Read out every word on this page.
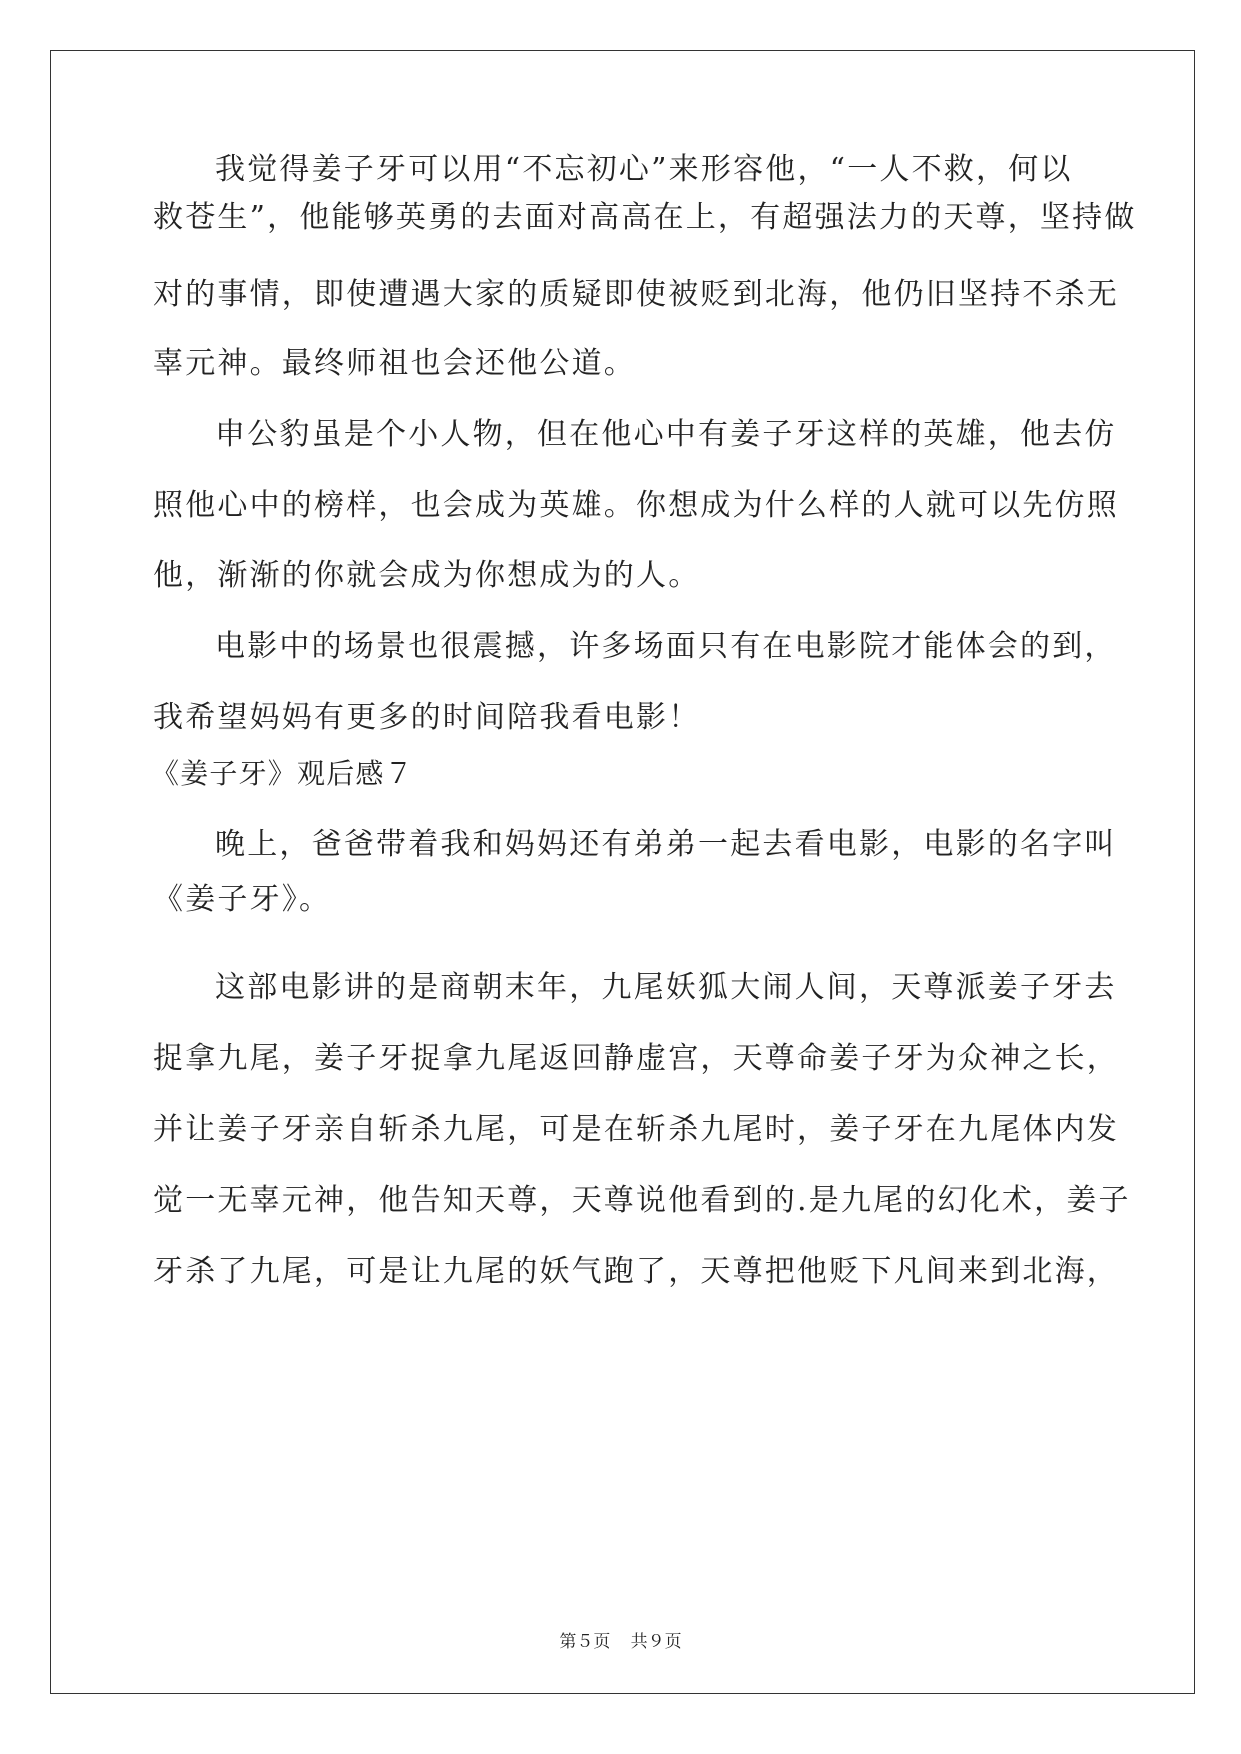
我觉得姜子牙可以用“不忘初心”来形容他，“一人不救，何以
救苍生”，他能够英勇的去面对高高在上，有超强法力的天尊，坚持做
对的事情，即使遭遇大家的质疑即使被贬到北海，他仍旧坚持不杀无
辜元神。最终师祖也会还他公道。
申公豹虽是个小人物，但在他心中有姜子牙这样的英雄，他去仿
照他心中的榜样，也会成为英雄。你想成为什么样的人就可以先仿照
他，渐渐的你就会成为你想成为的人。
电影中的场景也很震撼，许多场面只有在电影院才能体会的到，
我希望妈妈有更多的时间陪我看电影！
《姜子牙》观后感７
晚上，爸爸带着我和妈妈还有弟弟一起去看电影，电影的名字叫
《姜子牙》。
这部电影讲的是商朝末年，九尾妖狐大闹人间，天尊派姜子牙去
捉拿九尾，姜子牙捉拿九尾返回静虚宫，天尊命姜子牙为众神之长，
并让姜子牙亲自斩杀九尾，可是在斩杀九尾时，姜子牙在九尾体内发
觉一无辜元神，他告知天尊，天尊说他看到的.是九尾的幻化术，姜子
牙杀了九尾，可是让九尾的妖气跑了，天尊把他贬下凡间来到北海，
第５页 共９页
